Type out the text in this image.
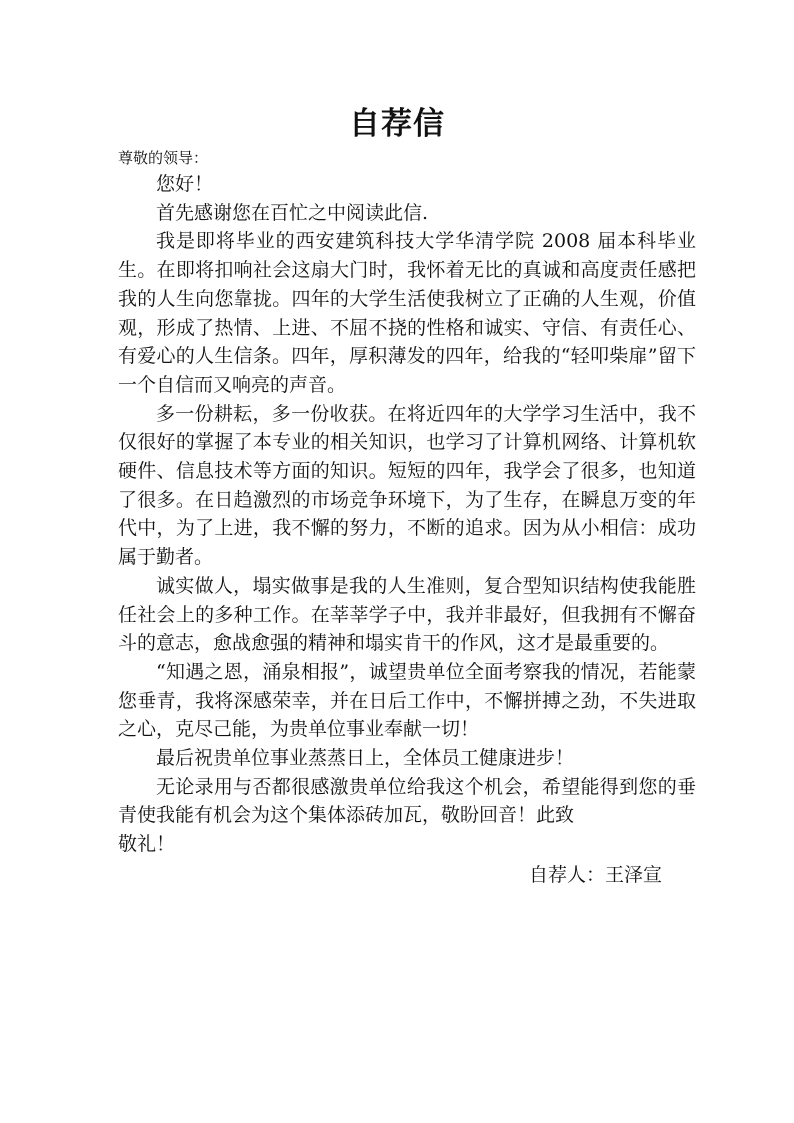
自荐信

尊敬的领导：

您好！

首先感谢您在百忙之中阅读此信.

我是即将毕业的西安建筑科技大学华清学院 2008 届本科毕业生。在即将扣响社会这扇大门时，我怀着无比的真诚和高度责任感把我的人生向您靠拢。四年的大学生活使我树立了正确的人生观，价值观，形成了热情、上进、不屈不挠的性格和诚实、守信、有责任心、有爱心的人生信条。四年，厚积薄发的四年，给我的“轻叩柴扉”留下一个自信而又响亮的声音。

多一份耕耘，多一份收获。在将近四年的大学学习生活中，我不仅很好的掌握了本专业的相关知识，也学习了计算机网络、计算机软硬件、信息技术等方面的知识。短短的四年，我学会了很多，也知道了很多。在日趋激烈的市场竞争环境下，为了生存，在瞬息万变的年代中，为了上进，我不懈的努力，不断的追求。因为从小相信：成功属于勤者。

诚实做人，塌实做事是我的人生准则，复合型知识结构使我能胜任社会上的多种工作。在莘莘学子中，我并非最好，但我拥有不懈奋斗的意志，愈战愈强的精神和塌实肯干的作风，这才是最重要的。

“知遇之恩，涌泉相报”，诚望贵单位全面考察我的情况，若能蒙您垂青，我将深感荣幸，并在日后工作中，不懈拼搏之劲，不失进取之心，克尽己能，为贵单位事业奉献一切！

最后祝贵单位事业蒸蒸日上，全体员工健康进步！

无论录用与否都很感激贵单位给我这个机会，希望能得到您的垂青使我能有机会为这个集体添砖加瓦，敬盼回音！此致

敬礼！

自荐人：王泽宣
